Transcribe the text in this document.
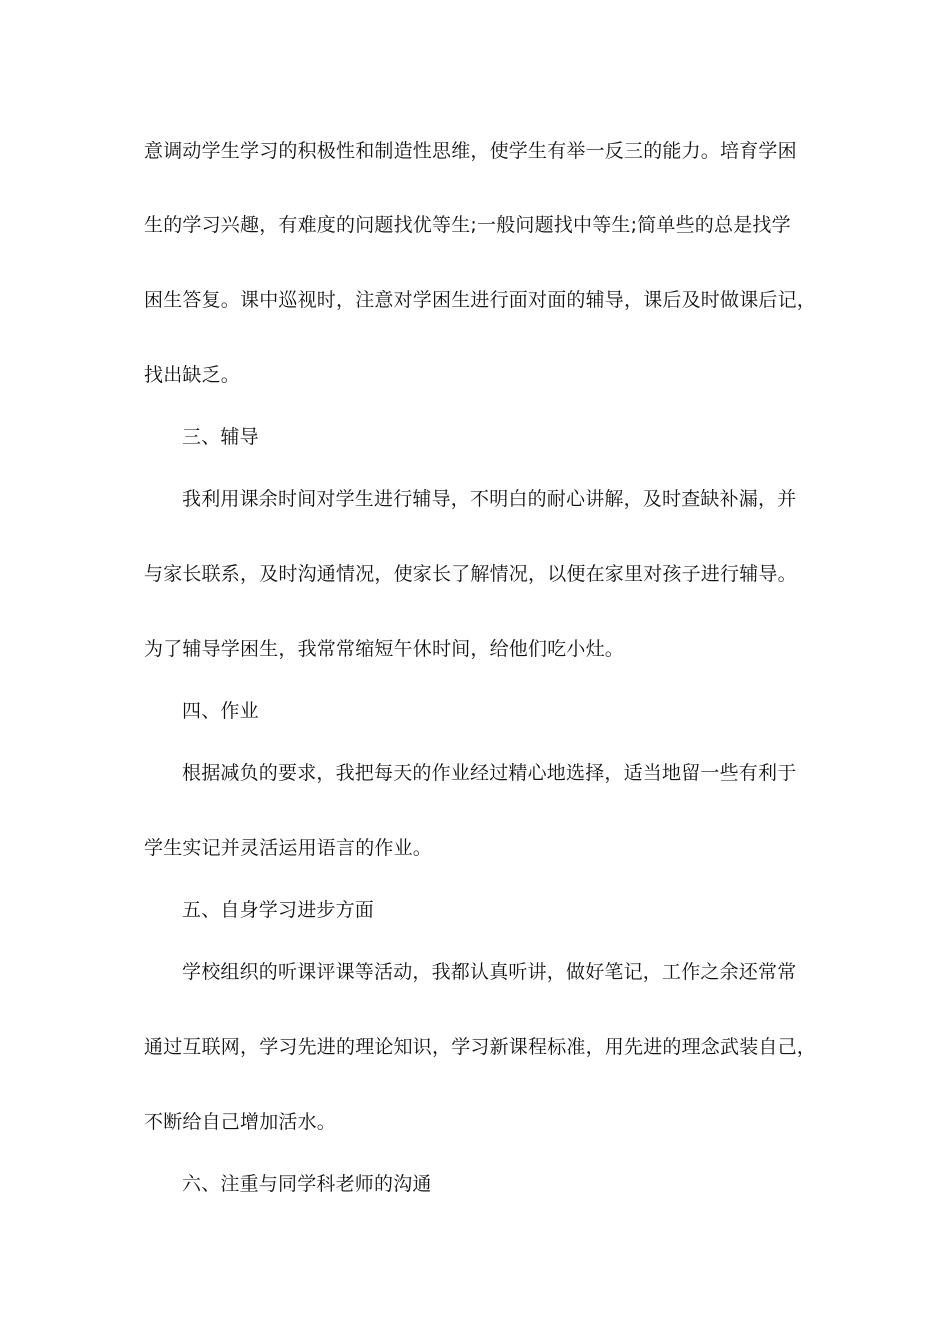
意调动学生学习的积极性和制造性思维，使学生有举一反三的能力。培育学困
生的学习兴趣，有难度的问题找优等生;一般问题找中等生;简单些的总是找学
困生答复。课中巡视时，注意对学困生进行面对面的辅导，课后及时做课后记，
找出缺乏。
三、辅导
我利用课余时间对学生进行辅导，不明白的耐心讲解，及时查缺补漏，并
与家长联系，及时沟通情况，使家长了解情况，以便在家里对孩子进行辅导。
为了辅导学困生，我常常缩短午休时间，给他们吃小灶。
四、作业
根据减负的要求，我把每天的作业经过精心地选择，适当地留一些有利于
学生实记并灵活运用语言的作业。
五、自身学习进步方面
学校组织的听课评课等活动，我都认真听讲，做好笔记，工作之余还常常
通过互联网，学习先进的理论知识，学习新课程标准，用先进的理念武装自己，
不断给自己增加活水。
六、注重与同学科老师的沟通
